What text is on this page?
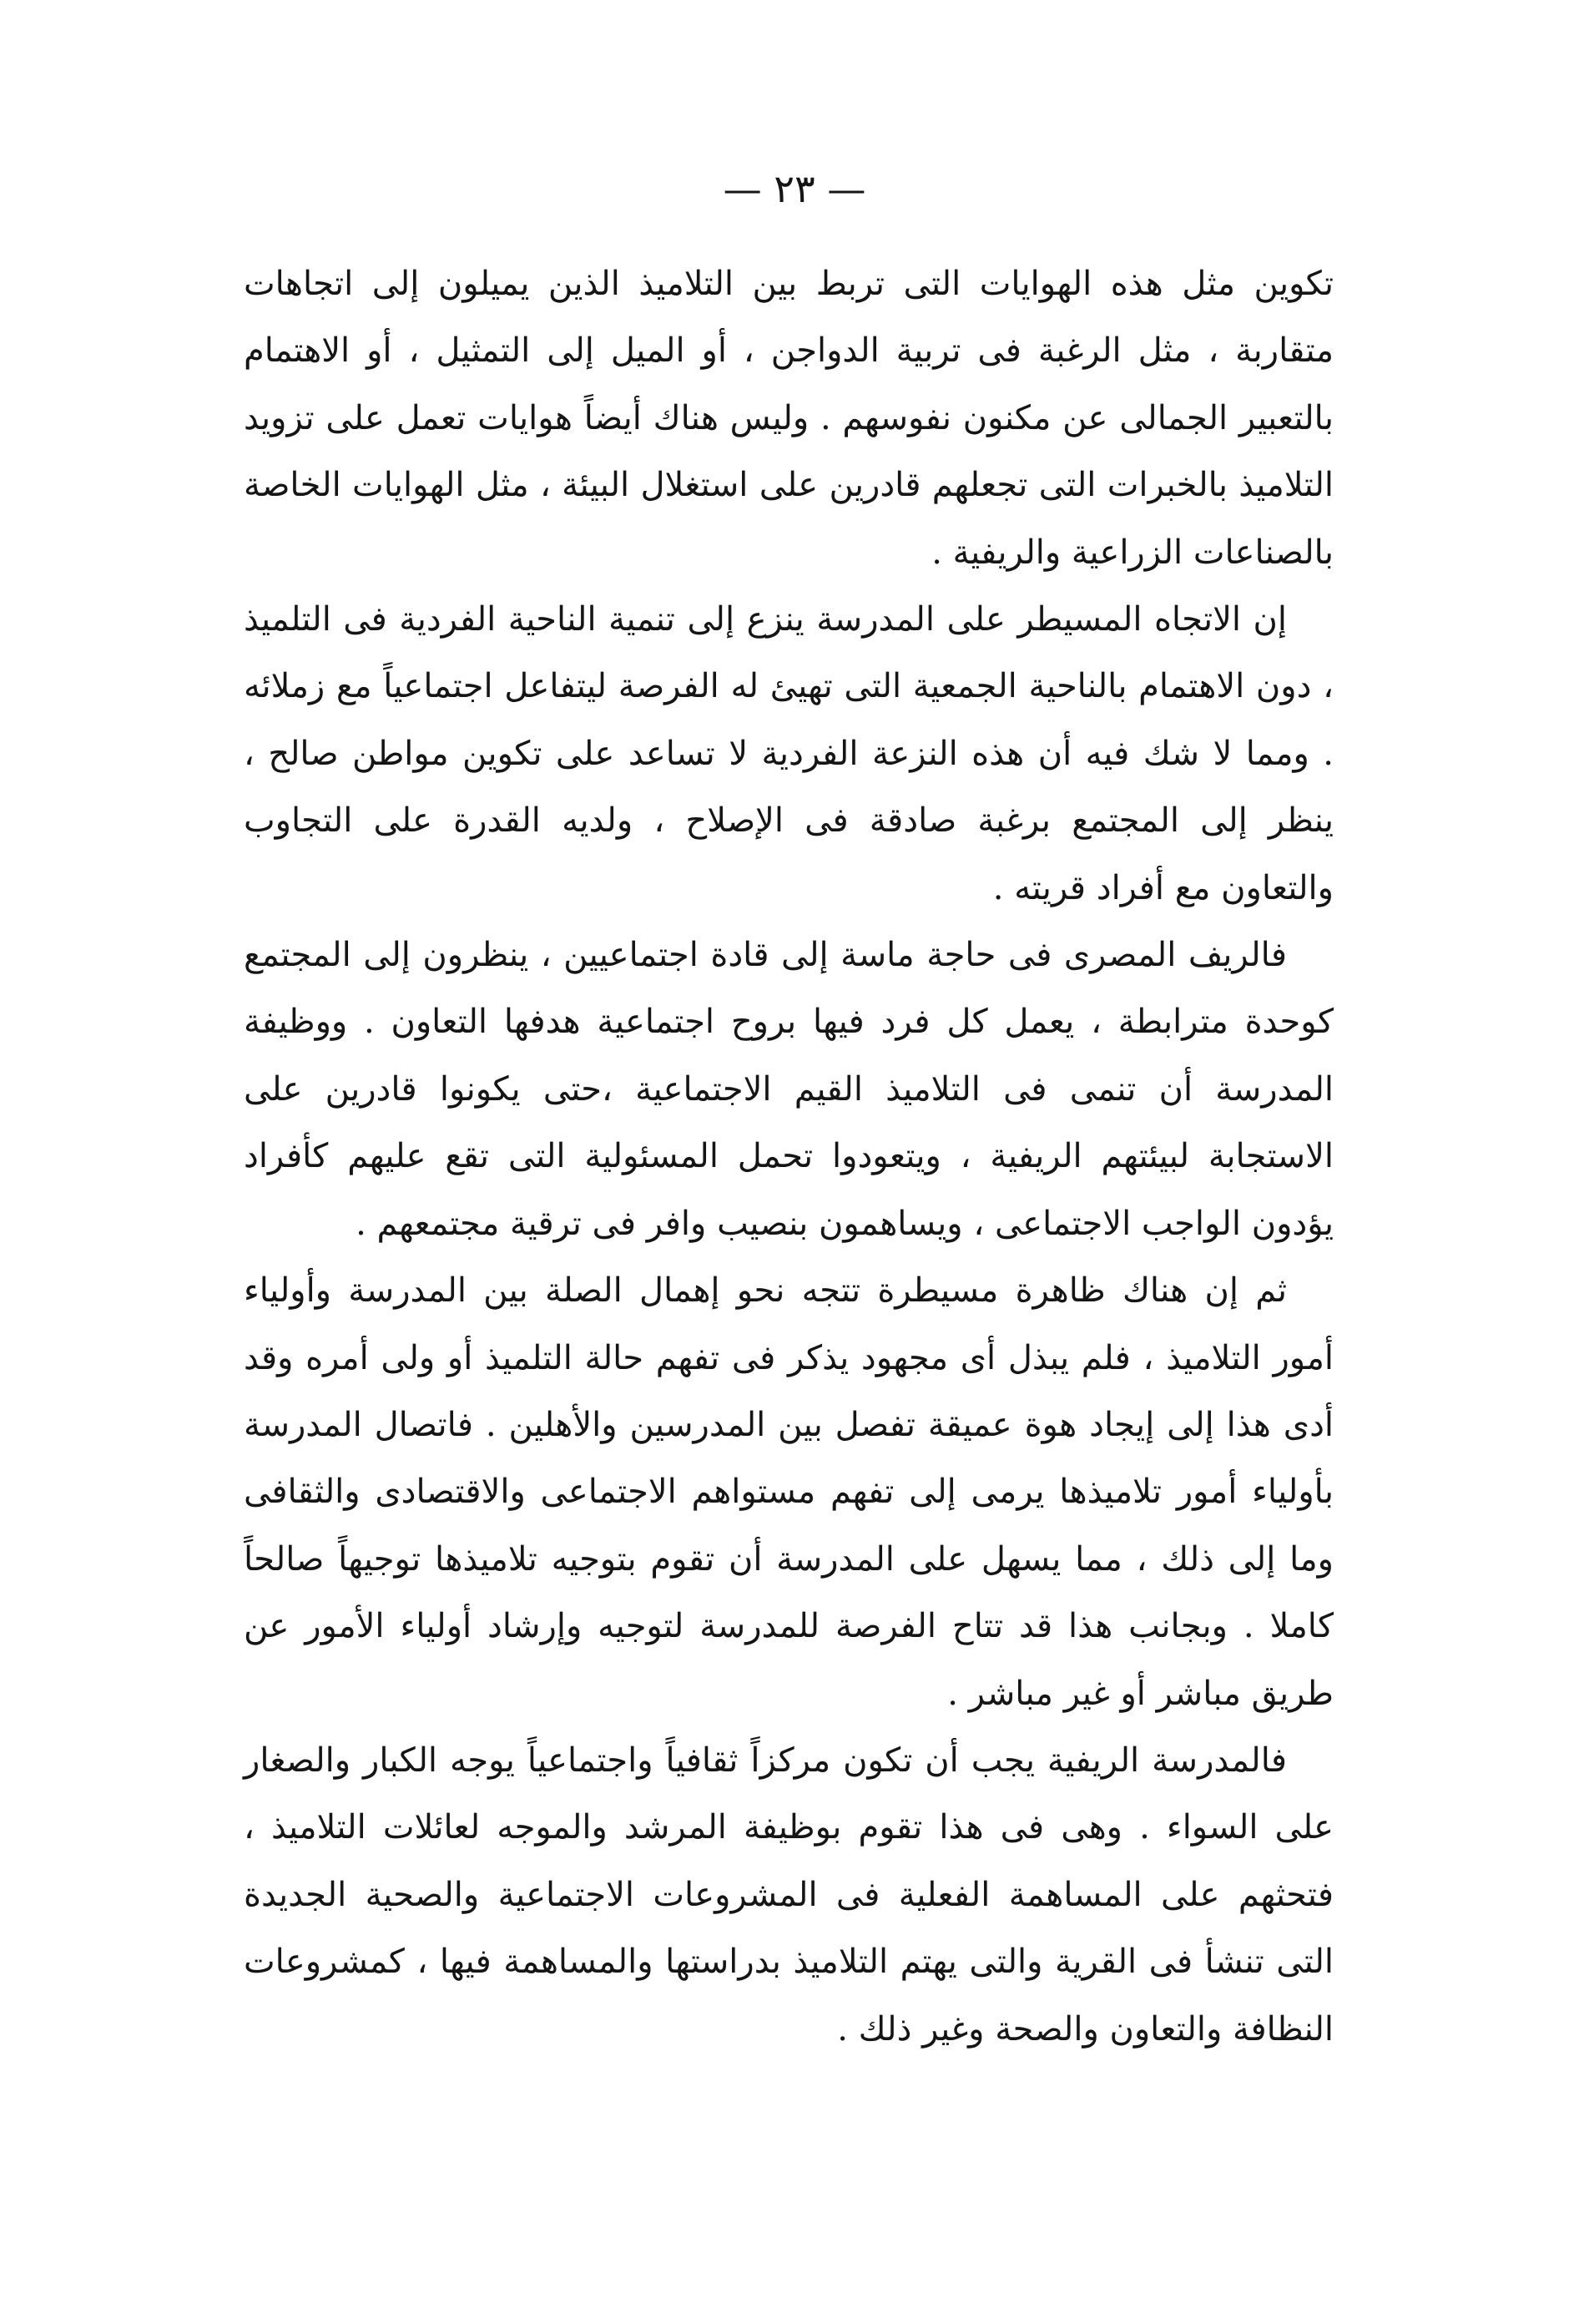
— ٢٣ —

تكوين مثل هذه الهوايات التى تربط بين التلاميذ الذين يميلون إلى اتجاهات متقاربة ، مثل الرغبة فى تربية الدواجن ، أو الميل إلى التمثيل ، أو الاهتمام بالتعبير الجمالى عن مكنون نفوسهم . وليس هناك أيضاً هوايات تعمل على تزويد التلاميذ بالخبرات التى تجعلهم قادرين على استغلال البيئة ، مثل الهوايات الخاصة بالصناعات الزراعية والريفية .

إن الاتجاه المسيطر على المدرسة ينزع إلى تنمية الناحية الفردية فى التلميذ ، دون الاهتمام بالناحية الجمعية التى تهيئ له الفرصة ليتفاعل اجتماعياً مع زملائه . ومما لا شك فيه أن هذه النزعة الفردية لا تساعد على تكوين مواطن صالح ، ينظر إلى المجتمع برغبة صادقة فى الإصلاح ، ولديه القدرة على التجاوب والتعاون مع أفراد قريته .

فالريف المصرى فى حاجة ماسة إلى قادة اجتماعيين ، ينظرون إلى المجتمع كوحدة مترابطة ، يعمل كل فرد فيها بروح اجتماعية هدفها التعاون . ووظيفة المدرسة أن تنمى فى التلاميذ القيم الاجتماعية ،حتى يكونوا قادرين على الاستجابة لبيئتهم الريفية ، ويتعودوا تحمل المسئولية التى تقع عليهم كأفراد يؤدون الواجب الاجتماعى ، ويساهمون بنصيب وافر فى ترقية مجتمعهم .

ثم إن هناك ظاهرة مسيطرة تتجه نحو إهمال الصلة بين المدرسة وأولياء أمور التلاميذ ، فلم يبذل أى مجهود يذكر فى تفهم حالة التلميذ أو ولى أمره وقد أدى هذا إلى إيجاد هوة عميقة تفصل بين المدرسين والأهلين . فاتصال المدرسة بأولياء أمور تلاميذها يرمى إلى تفهم مستواهم الاجتماعى والاقتصادى والثقافى وما إلى ذلك ، مما يسهل على المدرسة أن تقوم بتوجيه تلاميذها توجيهاً صالحاً كاملا . وبجانب هذا قد تتاح الفرصة للمدرسة لتوجيه وإرشاد أولياء الأمور عن طريق مباشر أو غير مباشر .

فالمدرسة الريفية يجب أن تكون مركزاً ثقافياً واجتماعياً يوجه الكبار والصغار على السواء . وهى فى هذا تقوم بوظيفة المرشد والموجه لعائلات التلاميذ ، فتحثهم على المساهمة الفعلية فى المشروعات الاجتماعية والصحية الجديدة التى تنشأ فى القرية والتى يهتم التلاميذ بدراستها والمساهمة فيها ، كمشروعات النظافة والتعاون والصحة وغير ذلك .
